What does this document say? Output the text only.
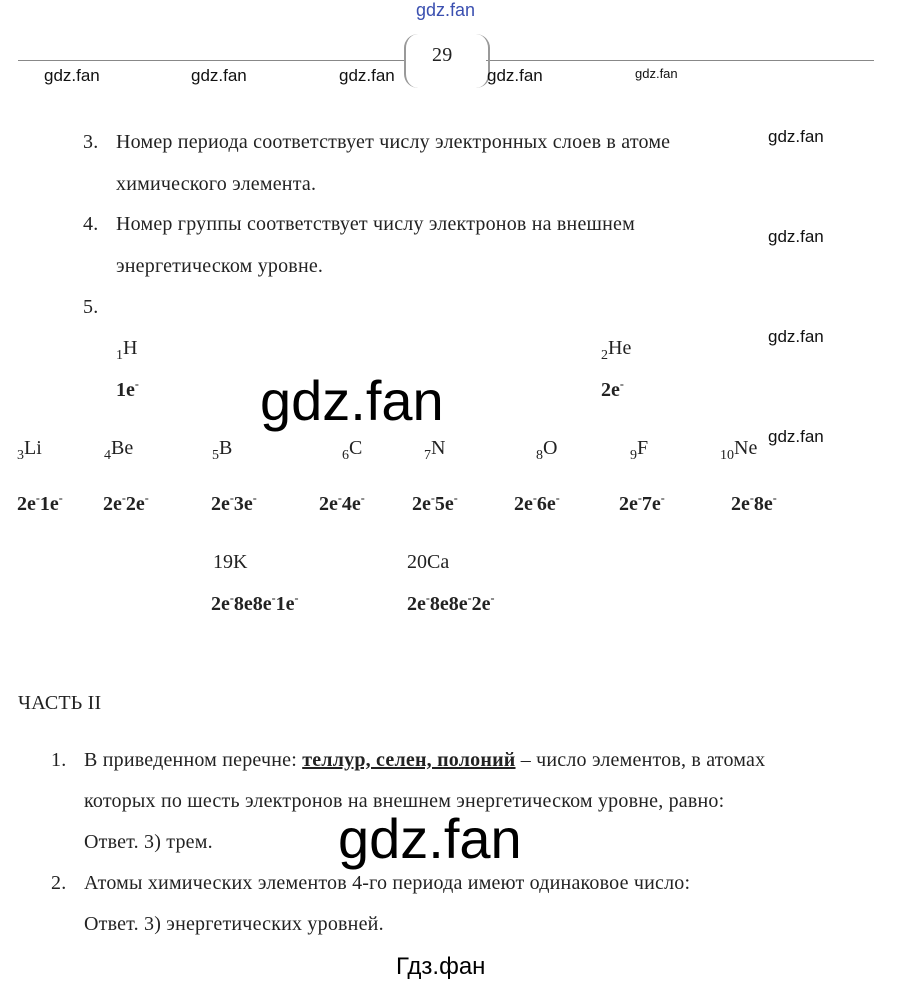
gdz.fan
29
gdz.fan	gdz.fan	gdz.fan	gdz.fan	gdz.fan
gdz.fan
gdz.fan
gdz.fan
gdz.fan
3. Номер периода соответствует числу электронных слоев в атоме
химического элемента.
4. Номер группы соответствует числу электронов на внешнем
энергетическом уровне.
5.
$_1$H
1e-
$_2$He
2e-
gdz.fan
$_3$Li
2e-1e-
$_4$Be
2e-2e-
$_5$B
2e-3e-
$_6$C
2e-4e-
$_7$N
2e-5e-
$_8$O
2e-6e-
$_9$F
2e-7e-
$_{10}$Ne
2e-8e-
19K
2e-8e8e-1e-
20Ca
2e-8e8e-2e-
ЧАСТЬ II
1. В приведенном перечне: теллур, селен, полоний – число элементов, в атомах
которых по шесть электронов на внешнем энергетическом уровне, равно:
Ответ. 3) трем. gdz.fan
2. Атомы химических элементов 4-го периода имеют одинаковое число:
Ответ. 3) энергетических уровней.
Гдз.фан
